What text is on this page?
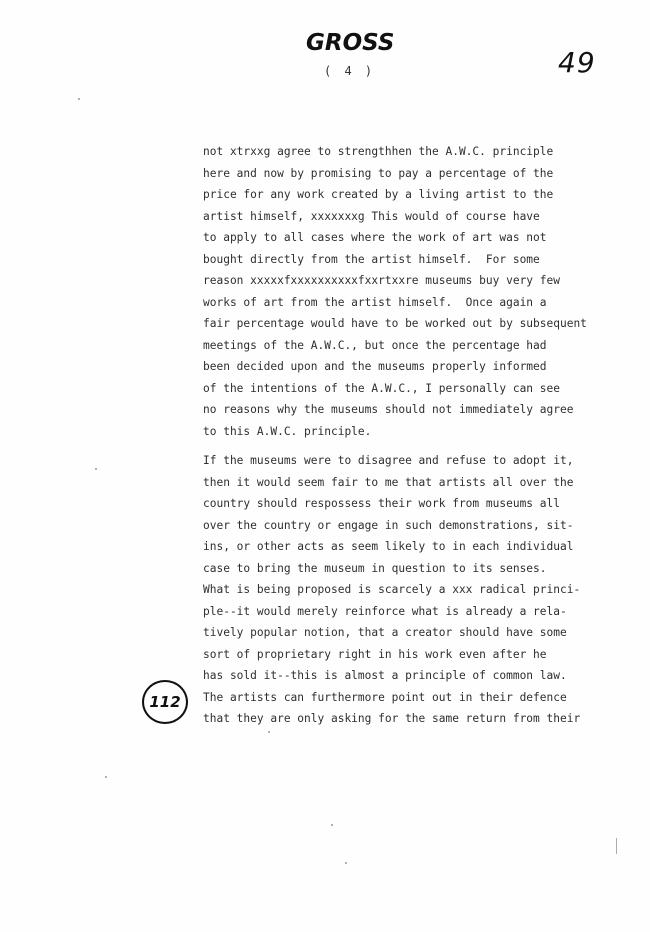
GROSS
( 4 )	49
not xtrxxg agree to strengthhen the A.W.C. principle
here and now by promising to pay a percentage of the
price for any work created by a living artist to the
artist himself, xxxxxxxg This would of course have
to apply to all cases where the work of art was not
bought directly from the artist himself.  For some
reason xxxxxfxxxxxxxxxxfxxrtxxre museums buy very few
works of art from the artist himself.  Once again a
fair percentage would have to be worked out by subsequent
meetings of the A.W.C., but once the percentage had
been decided upon and the museums properly informed
of the intentions of the A.W.C., I personally can see
no reasons why the museums should not immediately agree
to this A.W.C. principle.
If the museums were to disagree and refuse to adopt it,
then it would seem fair to me that artists all over the
country should respossess their work from museums all
over the country or engage in such demonstrations, sit-
ins, or other acts as seem likely to in each individual
case to bring the museum in question to its senses.
What is being proposed is scarcely a xxx radical princi-
ple--it would merely reinforce what is already a rela-
tively popular notion, that a creator should have some
sort of proprietary right in his work even after he
has sold it--this is almost a principle of common law.
The artists can furthermore point out in their defence
that they are only asking for the same return from their
112
